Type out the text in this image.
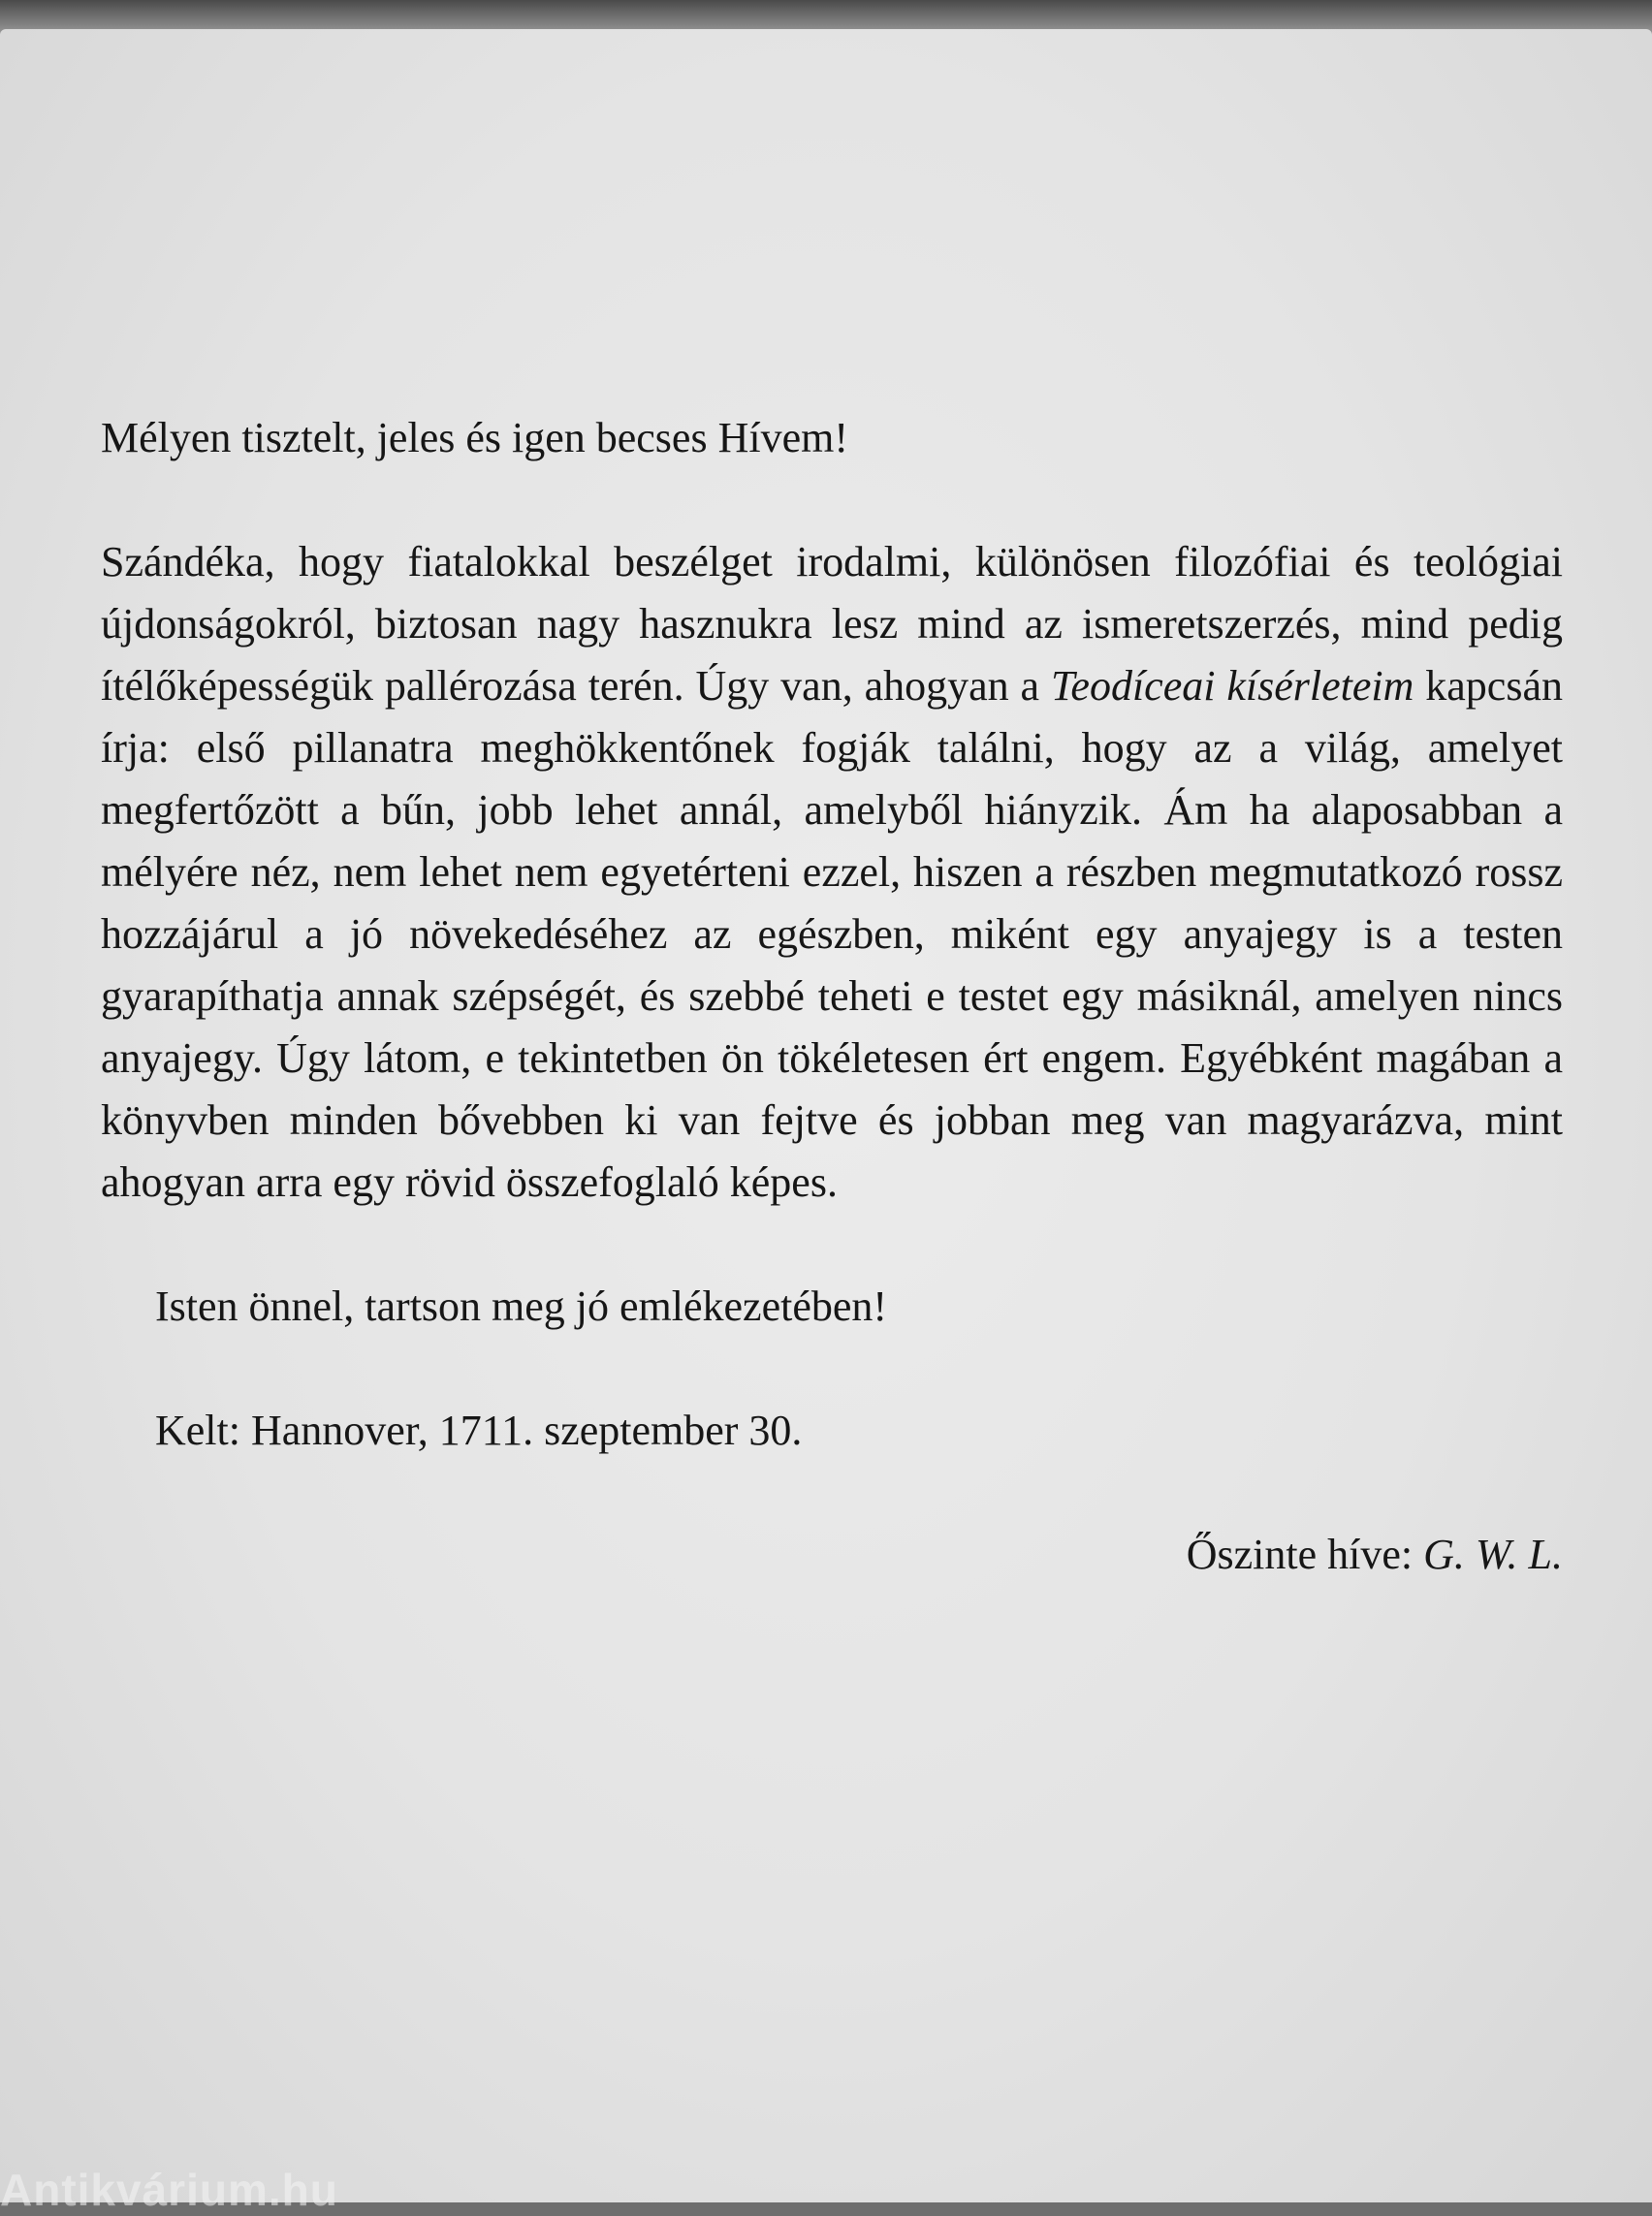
Mélyen tisztelt, jeles és igen becses Hívem!

Szándéka, hogy fiatalokkal beszélget irodalmi, különösen filozófiai és teológiai újdonságokról, biztosan nagy hasznukra lesz mind az ismeretszerzés, mind pedig ítélőképességük pallérozása terén. Úgy van, ahogyan a Teodíceai kísérleteim kapcsán írja: első pillanatra meghökkentőnek fogják találni, hogy az a világ, amelyet megfertőzött a bűn, jobb lehet annál, amelyből hiányzik. Ám ha alaposabban a mélyére néz, nem lehet nem egyetérteni ezzel, hiszen a részben megmutatkozó rossz hozzájárul a jó növekedéséhez az egészben, miként egy anyajegy is a testen gyarapíthatja annak szépségét, és szebbé teheti e testet egy másiknál, amelyen nincs anyajegy. Úgy látom, e tekintetben ön tökéletesen ért engem. Egyébként magában a könyvben minden bővebben ki van fejtve és jobban meg van magyarázva, mint ahogyan arra egy rövid összefoglaló képes.

Isten önnel, tartson meg jó emlékezetében!

Kelt: Hannover, 1711. szeptember 30.

Őszinte híve: G. W. L.

Antikvárium.hu
